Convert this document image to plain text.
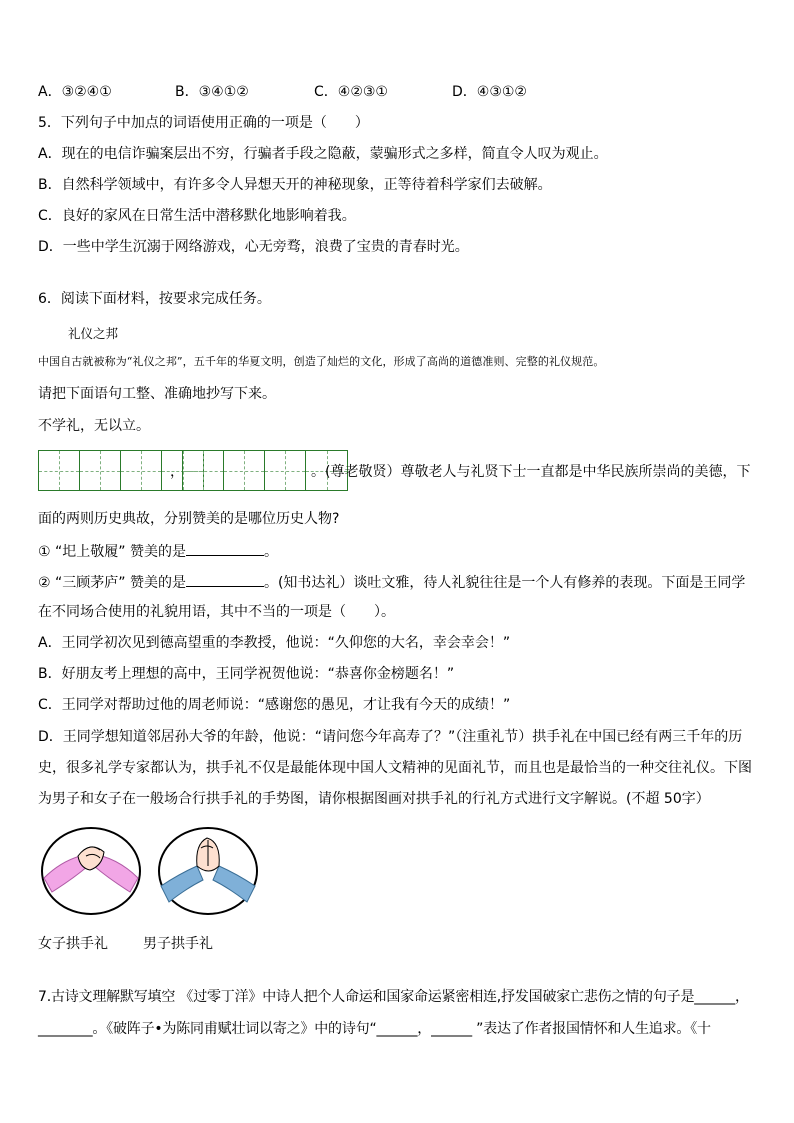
A．③②④①	B．③④①②	C．④②③①	D．④③①②
5．下列句子中加点的词语使用正确的一项是（　　）
A．现在的电信诈骗案层出不穷，行骗者手段之隐蔽，蒙骗形式之多样，简直令人叹为观止。
B．自然科学领域中，有许多令人异想天开的神秘现象，正等待着科学家们去破解。
C．良好的家风在日常生活中潜移默化地影响着我。
D．一些中学生沉溺于网络游戏，心无旁骛，浪费了宝贵的青春时光。
6．阅读下面材料，按要求完成任务。
礼仪之邦
中国自古就被称为“礼仪之邦”，五千年的华夏文明，创造了灿烂的文化，形成了高尚的道德准则、完整的礼仪规范。
请把下面语句工整、准确地抄写下来。
不学礼，无以立。
，	。(尊老敬贤）尊敬老人与礼贤下士一直都是中华民族所崇尚的美德，下
面的两则历史典故，分别赞美的是哪位历史人物?
① “圯上敬履” 赞美的是	。
② “三顾茅庐” 赞美的是	。(知书达礼）谈吐文雅，待人礼貌往往是一个人有修养的表现。下面是王同学
在不同场合使用的礼貌用语，其中不当的一项是（　　）。
A．王同学初次见到德高望重的李教授，他说：“久仰您的大名，幸会幸会！”
B．好朋友考上理想的高中，王同学祝贺他说：“恭喜你金榜题名！”
C．王同学对帮助过他的周老师说：“感谢您的愚见，才让我有今天的成绩！”
D．王同学想知道邻居孙大爷的年龄，他说：“请问您今年高寿了？”（注重礼节）拱手礼在中国已经有两三千年的历
史，很多礼学专家都认为，拱手礼不仅是最能体现中国人文精神的见面礼节，而且也是最恰当的一种交往礼仪。下图
为男子和女子在一般场合行拱手礼的手势图，请你根据图画对拱手礼的行礼方式进行文字解说。(不超 50字）
女子拱手礼	男子拱手礼
7.古诗文理解默写填空 《过零丁洋》中诗人把个人命运和国家命运紧密相连,抒发国破家亡悲伤之情的句子是______，
________。《破阵子•为陈同甫赋壮词以寄之》中的诗句“______，______ ”表达了作者报国情怀和人生追求。《十
